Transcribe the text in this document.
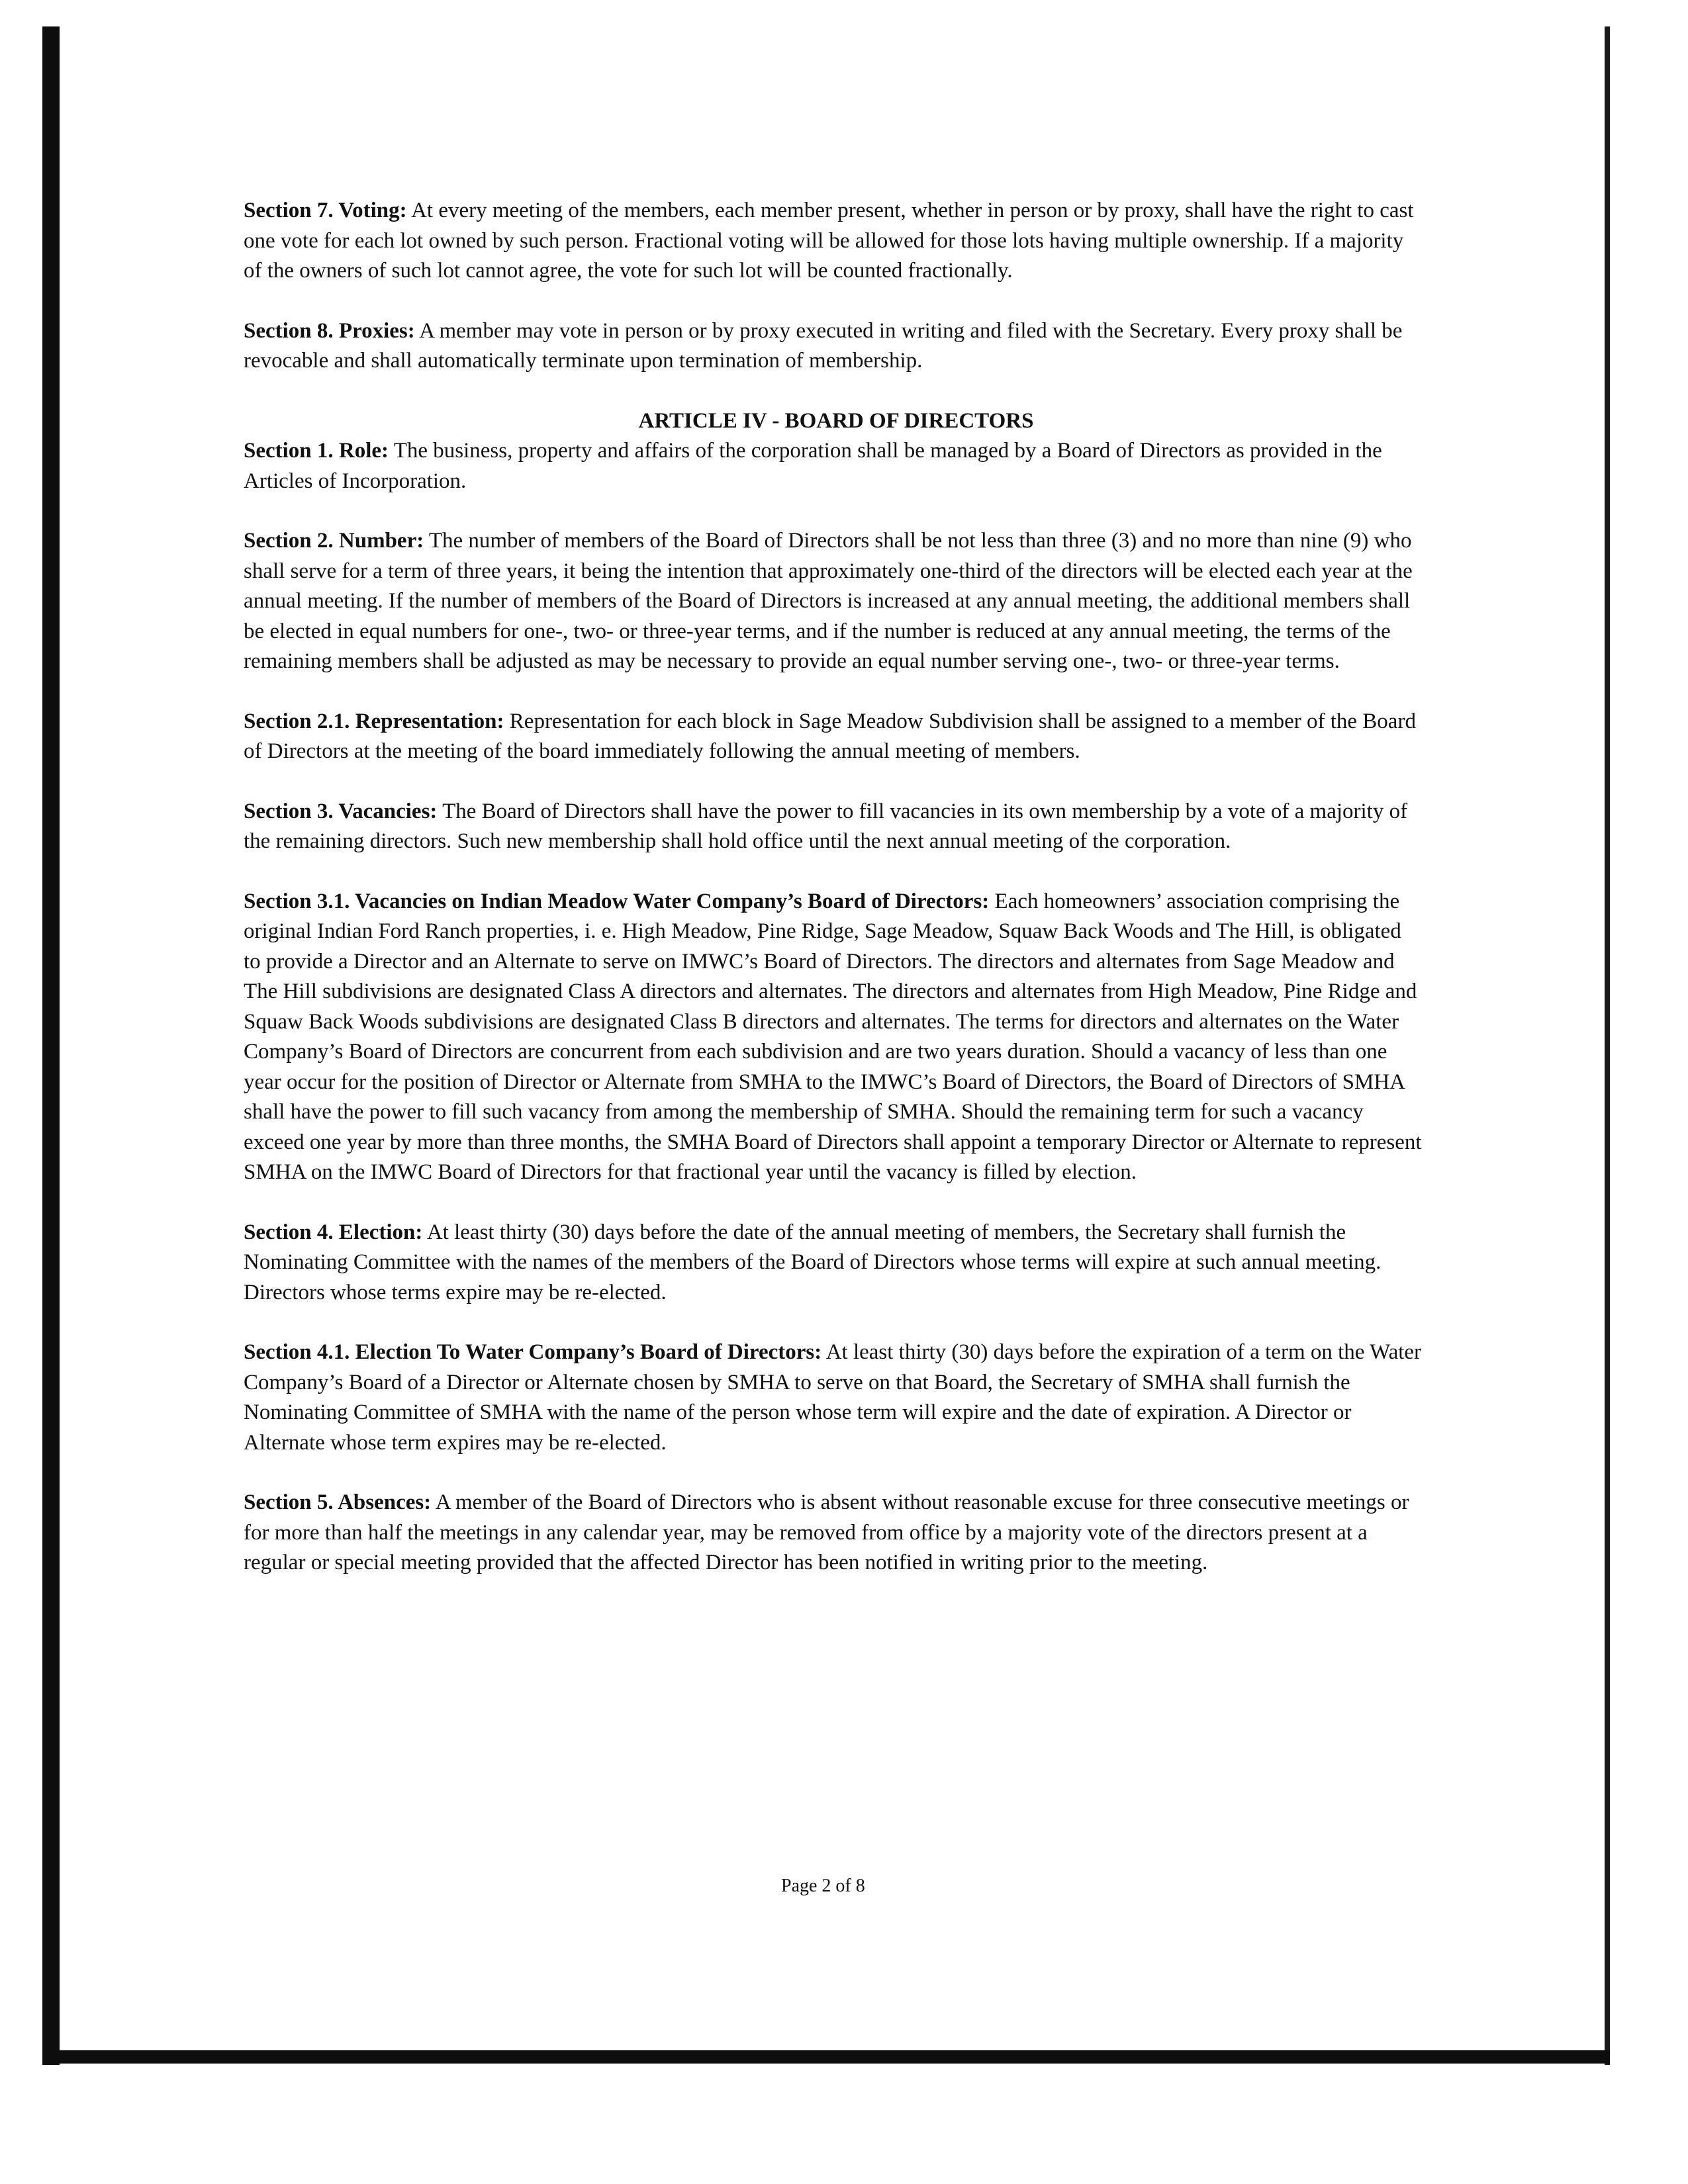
Section 7. Voting: At every meeting of the members, each member present, whether in person or by proxy, shall have the right to cast one vote for each lot owned by such person. Fractional voting will be allowed for those lots having multiple ownership. If a majority of the owners of such lot cannot agree, the vote for such lot will be counted fractionally.

Section 8. Proxies: A member may vote in person or by proxy executed in writing and filed with the Secretary. Every proxy shall be revocable and shall automatically terminate upon termination of membership.

ARTICLE IV - BOARD OF DIRECTORS

Section 1. Role: The business, property and affairs of the corporation shall be managed by a Board of Directors as provided in the Articles of Incorporation.

Section 2. Number: The number of members of the Board of Directors shall be not less than three (3) and no more than nine (9) who shall serve for a term of three years, it being the intention that approximately one-third of the directors will be elected each year at the annual meeting. If the number of members of the Board of Directors is increased at any annual meeting, the additional members shall be elected in equal numbers for one-, two- or three-year terms, and if the number is reduced at any annual meeting, the terms of the remaining members shall be adjusted as may be necessary to provide an equal number serving one-, two- or three-year terms.

Section 2.1. Representation: Representation for each block in Sage Meadow Subdivision shall be assigned to a member of the Board of Directors at the meeting of the board immediately following the annual meeting of members.

Section 3. Vacancies: The Board of Directors shall have the power to fill vacancies in its own membership by a vote of a majority of the remaining directors. Such new membership shall hold office until the next annual meeting of the corporation.

Section 3.1. Vacancies on Indian Meadow Water Company’s Board of Directors: Each homeowners’ association comprising the original Indian Ford Ranch properties, i. e. High Meadow, Pine Ridge, Sage Meadow, Squaw Back Woods and The Hill, is obligated to provide a Director and an Alternate to serve on IMWC’s Board of Directors. The directors and alternates from Sage Meadow and The Hill subdivisions are designated Class A directors and alternates. The directors and alternates from High Meadow, Pine Ridge and Squaw Back Woods subdivisions are designated Class B directors and alternates. The terms for directors and alternates on the Water Company’s Board of Directors are concurrent from each subdivision and are two years duration. Should a vacancy of less than one year occur for the position of Director or Alternate from SMHA to the IMWC’s Board of Directors, the Board of Directors of SMHA shall have the power to fill such vacancy from among the membership of SMHA. Should the remaining term for such a vacancy exceed one year by more than three months, the SMHA Board of Directors shall appoint a temporary Director or Alternate to represent SMHA on the IMWC Board of Directors for that fractional year until the vacancy is filled by election.

Section 4. Election: At least thirty (30) days before the date of the annual meeting of members, the Secretary shall furnish the Nominating Committee with the names of the members of the Board of Directors whose terms will expire at such annual meeting. Directors whose terms expire may be re-elected.

Section 4.1. Election To Water Company’s Board of Directors: At least thirty (30) days before the expiration of a term on the Water Company’s Board of a Director or Alternate chosen by SMHA to serve on that Board, the Secretary of SMHA shall furnish the Nominating Committee of SMHA with the name of the person whose term will expire and the date of expiration. A Director or Alternate whose term expires may be re-elected.

Section 5. Absences: A member of the Board of Directors who is absent without reasonable excuse for three consecutive meetings or for more than half the meetings in any calendar year, may be removed from office by a majority vote of the directors present at a regular or special meeting provided that the affected Director has been notified in writing prior to the meeting.

Page 2 of 8
